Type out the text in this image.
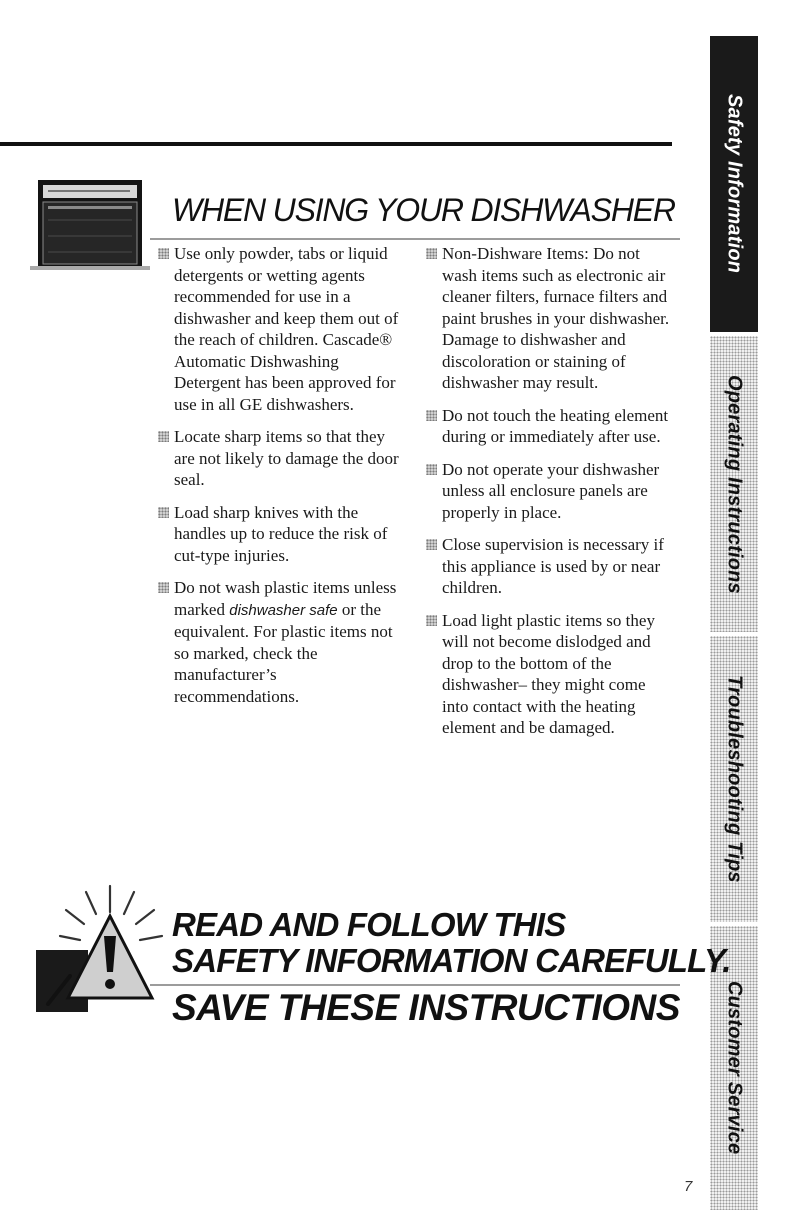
Safety Information
Operating Instructions
Troubleshooting Tips
Customer Service
WHEN USING YOUR DISHWASHER
Use only powder, tabs or liquid detergents or wetting agents recommended for use in a dishwasher and keep them out of the reach of children. Cascade® Automatic Dishwashing Detergent has been approved for use in all GE dishwashers.
Locate sharp items so that they are not likely to damage the door seal.
Load sharp knives with the handles up to reduce the risk of cut-type injuries.
Do not wash plastic items unless marked dishwasher safe or the equivalent. For plastic items not so marked, check the manufacturer’s recommendations.
Non-Dishware Items: Do not wash items such as electronic air cleaner filters, furnace filters and paint brushes in your dishwasher. Damage to dishwasher and discoloration or staining of dishwasher may result.
Do not touch the heating element during or immediately after use.
Do not operate your dishwasher unless all enclosure panels are properly in place.
Close supervision is necessary if this appliance is used by or near children.
Load light plastic items so they will not become dislodged and drop to the bottom of the dishwasher– they might come into contact with the heating element and be damaged.

READ AND FOLLOW THIS

SAFETY INFORMATION CAREFULLY.

SAVE THESE INSTRUCTIONS

7
